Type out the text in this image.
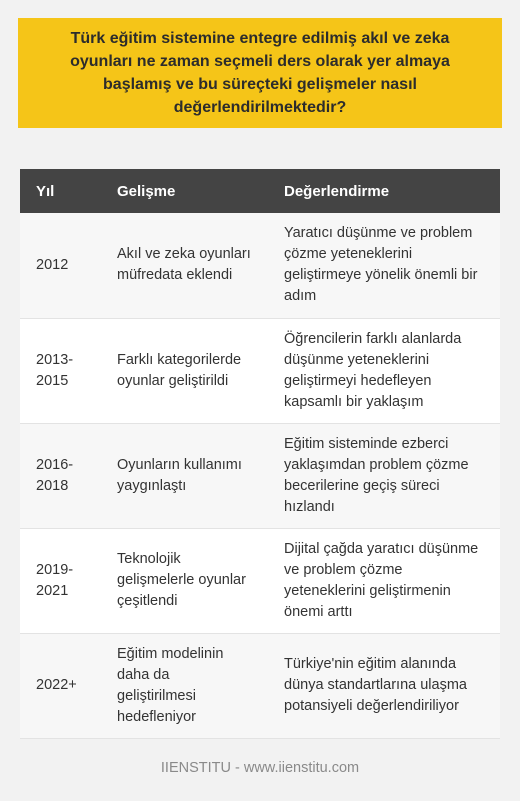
Türk eğitim sistemine entegre edilmiş akıl ve zeka oyunları ne zaman seçmeli ders olarak yer almaya başlamış ve bu süreçteki gelişmeler nasıl değerlendirilmektedir?

Yıl	Gelişme	Değerlendirme
2012	Akıl ve zeka oyunları müfredata eklendi	Yaratıcı düşünme ve problem çözme yeteneklerini geliştirmeye yönelik önemli bir adım
2013-2015	Farklı kategorilerde oyunlar geliştirildi	Öğrencilerin farklı alanlarda düşünme yeteneklerini geliştirmeyi hedefleyen kapsamlı bir yaklaşım
2016-2018	Oyunların kullanımı yaygınlaştı	Eğitim sisteminde ezberci yaklaşımdan problem çözme becerilerine geçiş süreci hızlandı
2019-2021	Teknolojik gelişmelerle oyunlar çeşitlendi	Dijital çağda yaratıcı düşünme ve problem çözme yeteneklerini geliştirmenin önemi arttı
2022+	Eğitim modelinin daha da geliştirilmesi hedefleniyor	Türkiye'nin eğitim alanında dünya standartlarına ulaşma potansiyeli değerlendiriliyor
IIENSTITU - www.iienstitu.com
